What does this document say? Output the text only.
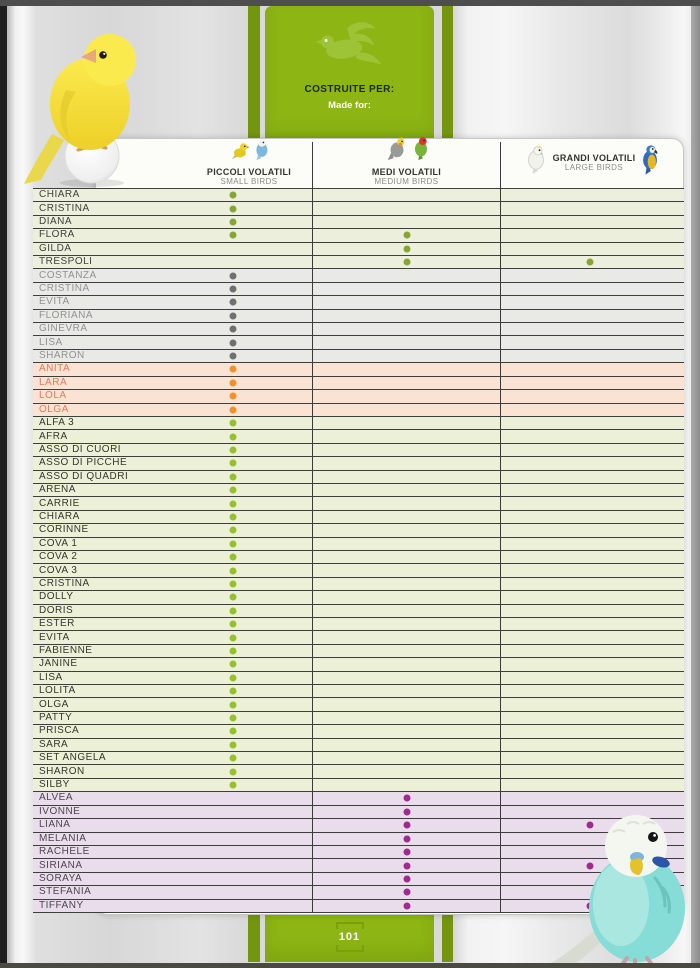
COSTRUITE PER:
Made for:
101
PICCOLI VOLATILI
SMALL BIRDS
MEDI VOLATILI
MEDIUM BIRDS
GRANDI VOLATILI
LARGE BIRDS
CHIARA
CRISTINA
DIANA
FLORA
GILDA
TRESPOLI
COSTANZA
CRISTINA
EVITA
FLORIANA
GINEVRA
LISA
SHARON
ANITA
LARA
LOLA
OLGA
ALFA 3
AFRA
ASSO DI CUORI
ASSO DI PICCHE
ASSO DI QUADRI
ARENA
CARRIE
CHIARA
CORINNE
COVA 1
COVA 2
COVA 3
CRISTINA
DOLLY
DORIS
ESTER
EVITA
FABIENNE
JANINE
LISA
LOLITA
OLGA
PATTY
PRISCA
SARA
SET ANGELA
SHARON
SILBY
ALVEA
IVONNE
LIANA
MELANIA
RACHELE
SIRIANA
SORAYA
STEFANIA
TIFFANY
